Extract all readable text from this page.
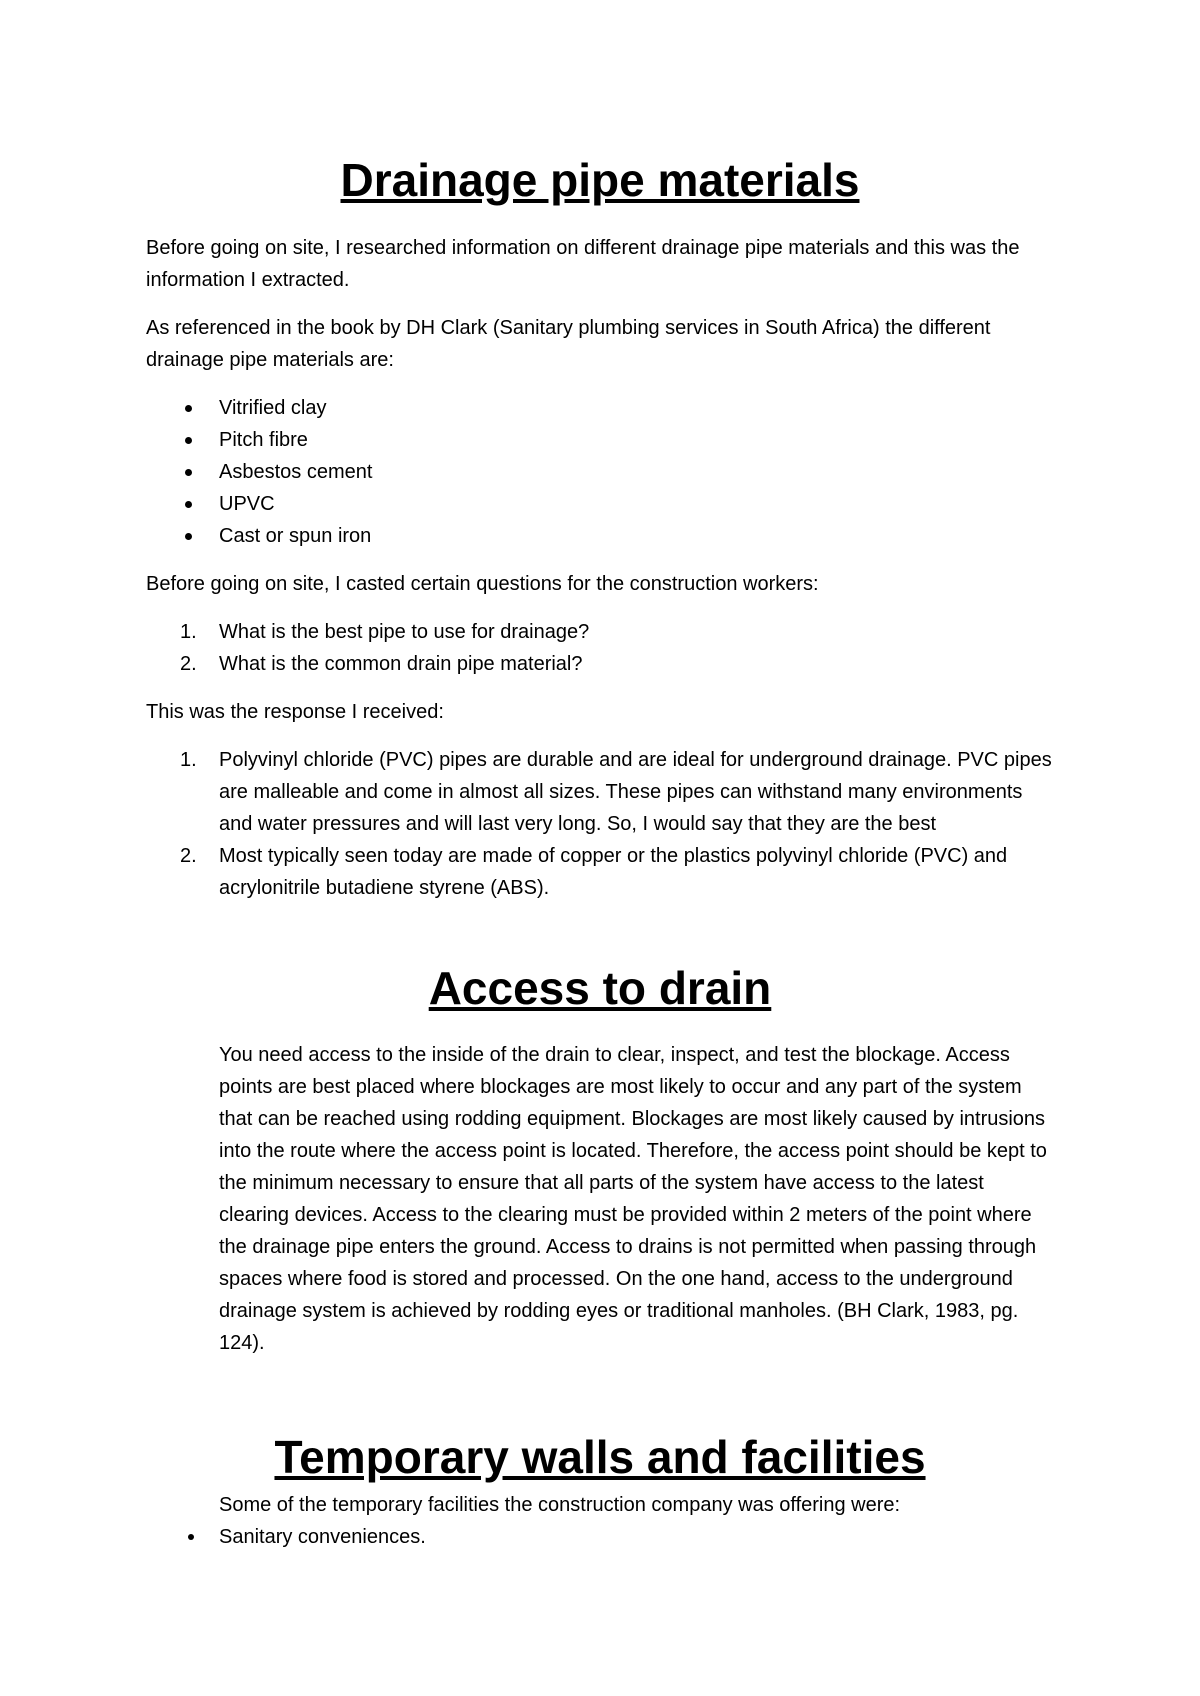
Drainage pipe materials

Before going on site, I researched information on different drainage pipe materials and this was the information I extracted.

As referenced in the book by DH Clark (Sanitary plumbing services in South Africa) the different drainage pipe materials are:

Vitrified clay
Pitch fibre
Asbestos cement
UPVC
Cast or spun iron

Before going on site, I casted certain questions for the construction workers:

1. What is the best pipe to use for drainage?
2. What is the common drain pipe material?

This was the response I received:

1. Polyvinyl chloride (PVC) pipes are durable and are ideal for underground drainage. PVC pipes are malleable and come in almost all sizes. These pipes can withstand many environments and water pressures and will last very long. So, I would say that they are the best
2. Most typically seen today are made of copper or the plastics polyvinyl chloride (PVC) and acrylonitrile butadiene styrene (ABS).
Access to drain

You need access to the inside of the drain to clear, inspect, and test the blockage. Access points are best placed where blockages are most likely to occur and any part of the system that can be reached using rodding equipment. Blockages are most likely caused by intrusions into the route where the access point is located. Therefore, the access point should be kept to the minimum necessary to ensure that all parts of the system have access to the latest clearing devices. Access to the clearing must be provided within 2 meters of the point where the drainage pipe enters the ground. Access to drains is not permitted when passing through spaces where food is stored and processed. On the one hand, access to the underground drainage system is achieved by rodding eyes or traditional manholes. (BH Clark, 1983, pg. 124).

Temporary walls and facilities

Some of the temporary facilities the construction company was offering were:

Sanitary conveniences.
